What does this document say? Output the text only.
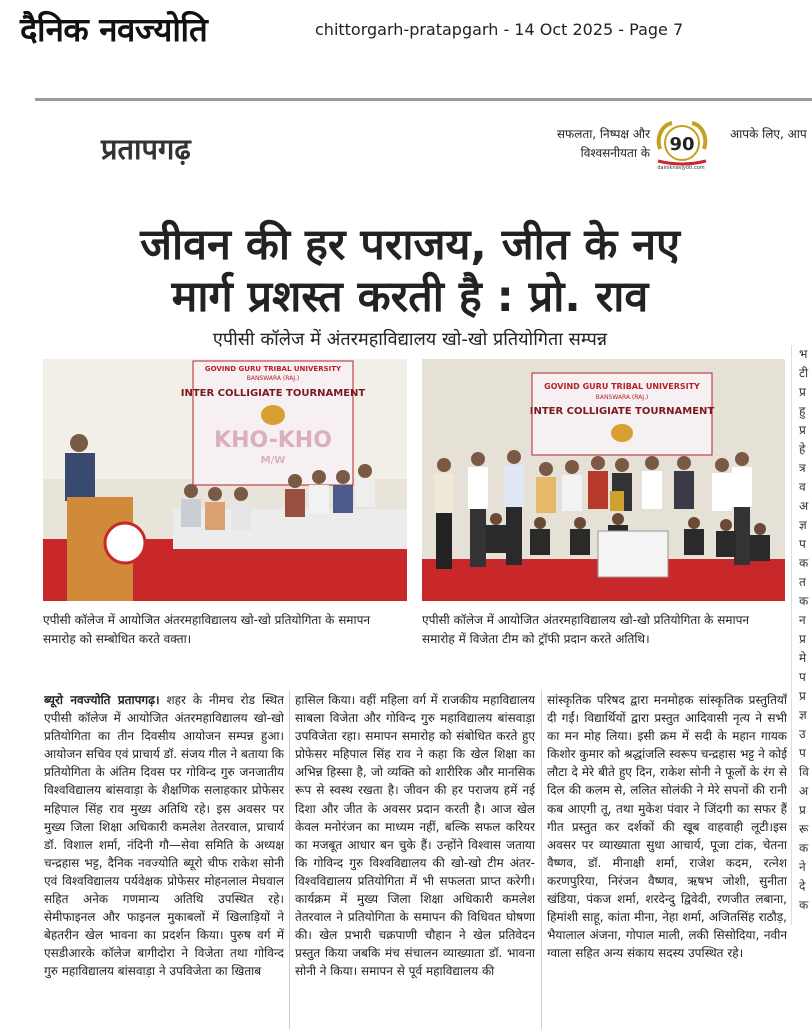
दैनिक नवज्योति	chittorgarh-pratapgarh - 14 Oct 2025 - Page 7
प्रतापगढ़	सफलता, निष्पक्ष और
विश्वसनीयता के 90
dainiknavjyoti.com
आपके लिए, आप
जीवन की हर पराजय, जीत के नए
मार्ग प्रशस्त करती है : प्रो. राव
एपीसी कॉलेज में अंतरमहाविद्यालय खो-खो प्रतियोगिता सम्पन्न
GOVIND GURU TRIBAL UNIVERSITY
BANSWARA (RAJ.)
INTER COLLIGIATE TOURNAMENT
KHO-KHO
M/W
GOVIND GURU TRIBAL UNIVERSITY
BANSWARA (RAJ.)
INTER COLLIGIATE TOURNAMENT
एपीसी कॉलेज में आयोजित अंतरमहाविद्यालय खो-खो प्रतियोगिता के समापन समारोह को सम्बोधित करते वक्ता।
एपीसी कॉलेज में आयोजित अंतरमहाविद्यालय खो-खो प्रतियोगिता के समापन समारोह में विजेता टीम को ट्रॉफी प्रदान करते अतिथि।
ब्यूरो नवज्योति प्रतापगढ़। शहर के नीमच रोड स्थित एपीसी कॉलेज में आयोजित अंतरमहाविद्यालय खो-खो प्रतियोगिता का तीन दिवसीय आयोजन सम्पन्न हुआ। आयोजन सचिव एवं प्राचार्य डॉ. संजय गील ने बताया कि प्रतियोगिता के अंतिम दिवस पर गोविन्द गुरु जनजातीय विश्वविद्यालय बांसवाड़ा के शैक्षणिक सलाहकार प्रोफेसर महिपाल सिंह राव मुख्य अतिथि रहे। इस अवसर पर मुख्य जिला शिक्षा अधिकारी कमलेश तेतरवाल, प्राचार्य डॉ. विशाल शर्मा, नंदिनी गौ—सेवा समिति के अध्यक्ष चन्द्रहास भट्ट, दैनिक नवज्योति ब्यूरो चीफ राकेश सोनी एवं विश्वविद्यालय पर्यवेक्षक प्रोफेसर मोहनलाल मेघवाल सहित अनेक गणमान्य अतिथि उपस्थित रहे। सेमीफाइनल और फाइनल मुकाबलों में खिलाड़ियों ने बेहतरीन खेल भावना का प्रदर्शन किया। पुरुष वर्ग में एसडीआरके कॉलेज बागीदोरा ने विजेता तथा गोविन्द गुरु महाविद्यालय बांसवाड़ा ने उपविजेता का खिताब
हासिल किया। वहीं महिला वर्ग में राजकीय महाविद्यालय साबला विजेता और गोविन्द गुरु महाविद्यालय बांसवाड़ा उपविजेता रहा। समापन समारोह को संबोधित करते हुए प्रोफेसर महिपाल सिंह राव ने कहा कि खेल शिक्षा का अभिन्न हिस्सा है, जो व्यक्ति को शारीरिक और मानसिक रूप से स्वस्थ रखता है। जीवन की हर पराजय हमें नई दिशा और जीत के अवसर प्रदान करती है। आज खेल केवल मनोरंजन का माध्यम नहीं, बल्कि सफल करियर का मजबूत आधार बन चुके हैं। उन्होंने विश्वास जताया कि गोविन्द गुरु विश्वविद्यालय की खो-खो टीम अंतर-विश्वविद्यालय प्रतियोगिता में भी सफलता प्राप्त करेगी। कार्यक्रम में मुख्य जिला शिक्षा अधिकारी कमलेश तेतरवाल ने प्रतियोगिता के समापन की विधिवत घोषणा की। खेल प्रभारी चक्रपाणी चौहान ने खेल प्रतिवेदन प्रस्तुत किया जबकि मंच संचालन व्याख्याता डॉ. भावना सोनी ने किया। समापन से पूर्व महाविद्यालय की
सांस्कृतिक परिषद द्वारा मनमोहक सांस्कृतिक प्रस्तुतियाँ दी गईं। विद्यार्थियों द्वारा प्रस्तुत आदिवासी नृत्य ने सभी का मन मोह लिया। इसी क्रम में सदी के महान गायक किशोर कुमार को श्रद्धांजलि स्वरूप चन्द्रहास भट्ट ने कोई लौटा दे मेरे बीते हुए दिन, राकेश सोनी ने फूलों के रंग से दिल की कलम से, ललित सोलंकी ने मेरे सपनों की रानी कब आएगी तू, तथा मुकेश पंवार ने जिंदगी का सफर हैं गीत प्रस्तुत कर दर्शकों की खूब वाहवाही लूटी।इस अवसर पर व्याख्याता सुधा आचार्य, पूजा टांक, चेतना वैष्णव, डॉ. मीनाक्षी शर्मा, राजेश कदम, रत्नेश करणपुरिया, निरंजन वैष्णव, ऋषभ जोशी, सुनीता खंडिया, पंकज शर्मा, शरदेन्दु द्विवेदी, रणजीत लबाना, हिमांशी साहू, कांता मीना, नेहा शर्मा, अजितसिंह राठौड़, भैयालाल अंजना, गोपाल माली, लकी सिसोदिया, नवीन ग्वाला सहित अन्य संकाय सदस्य उपस्थित रहे।
भ
टी
प्र
हु
प्र
हे
त्र
व
अ
ज्ञ
प
क
त
क
न
प्र
मे
प
प्र
ज्ञ
उ
प
वि
अ
प्र
रू
क
ने
दे
क
